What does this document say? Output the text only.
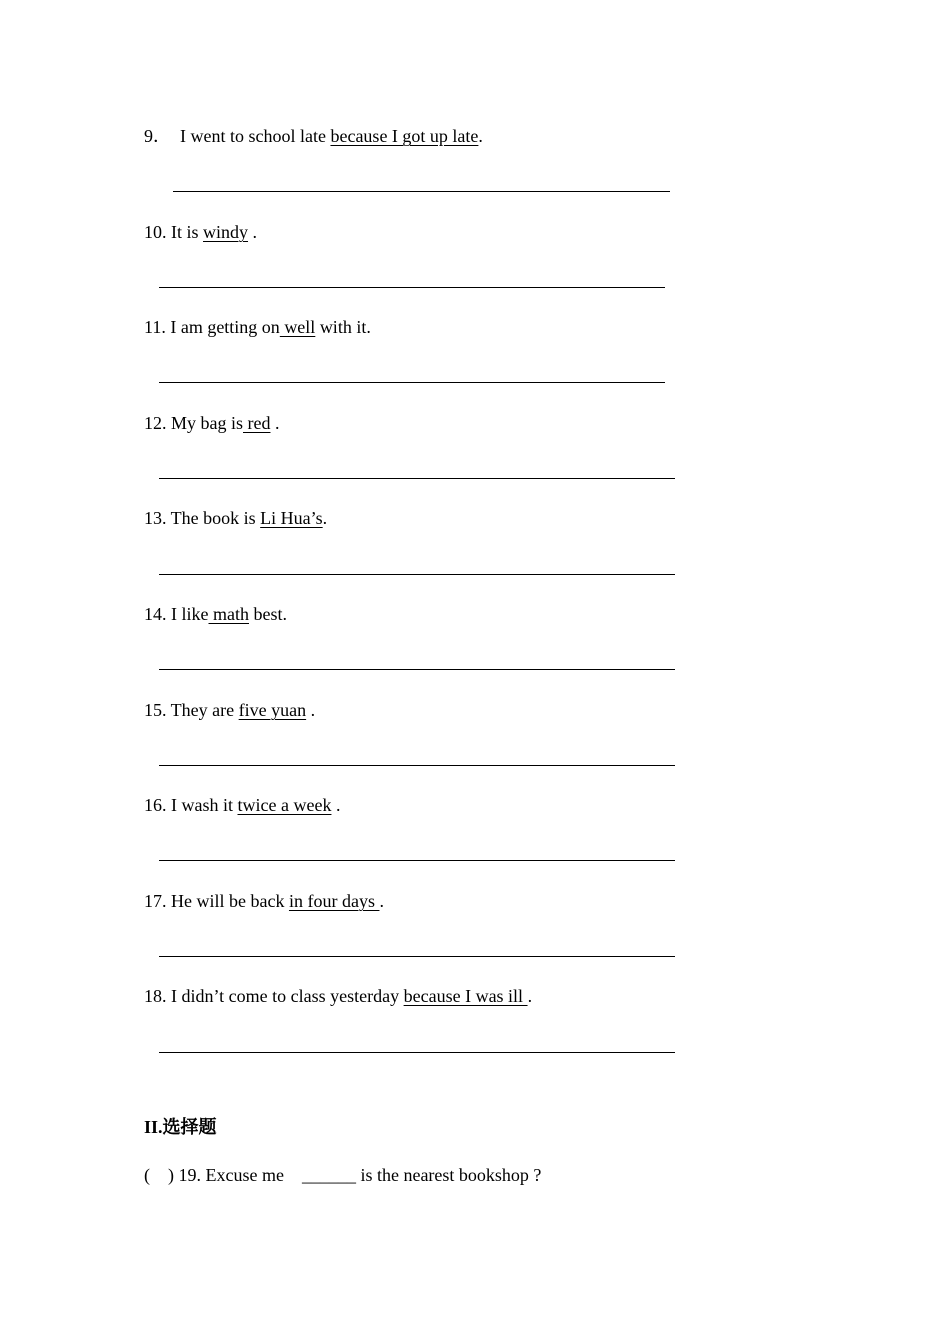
9．  I went to school late because I got up late.
10. It is windy .
11. I am getting on well with it.
12. My bag is red .
13. The book is Li Hua’s.
14. I like math best.
15. They are five yuan .
16. I wash it twice a week .
17. He will be back in four days .
18. I didn’t come to class yesterday because I was ill .
II.选择题
(    ) 19. Excuse me    ______ is the nearest bookshop ?
